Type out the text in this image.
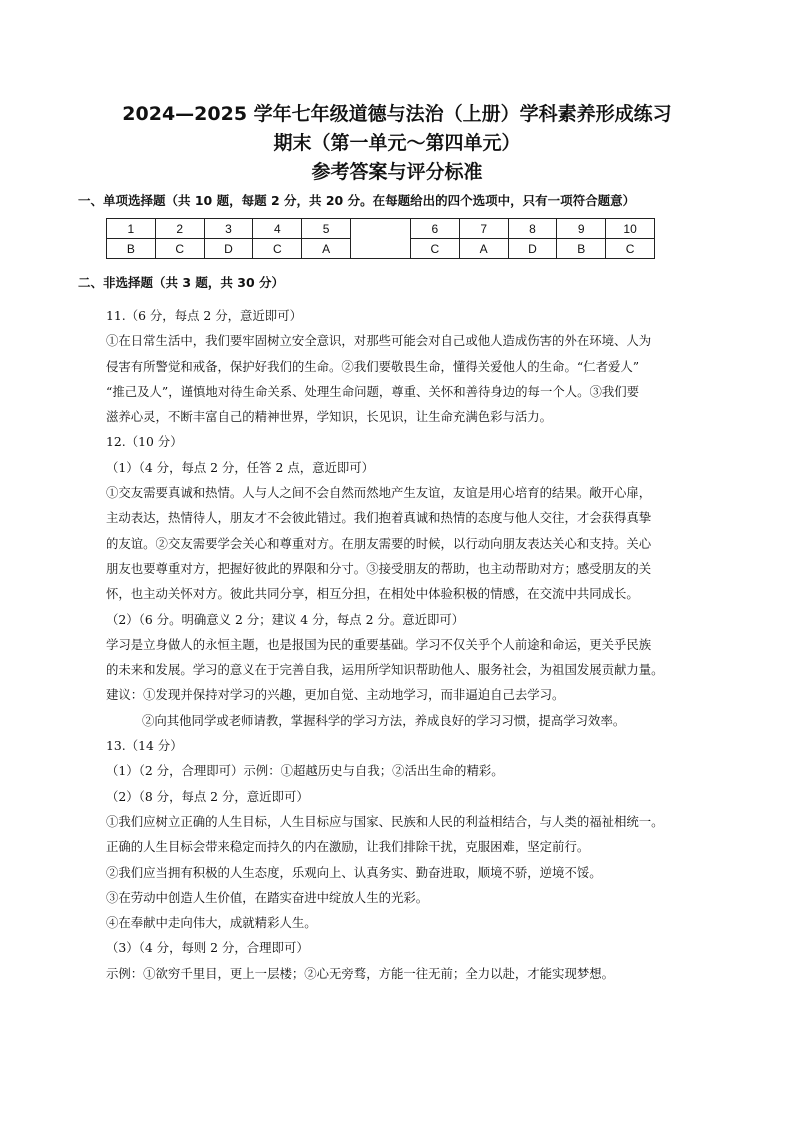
2024—2025 学年七年级道德与法治（上册）学科素养形成练习
期末（第一单元～第四单元）
参考答案与评分标准
一、单项选择题（共 10 题，每题 2 分，共 20 分。在每题给出的四个选项中，只有一项符合题意）
1	2	3	4	5		6	7	8	9	10
B	C	D	C	A		C	A	D	B	C
二、非选择题（共 3 题，共 30 分）

11.（6 分，每点 2 分，意近即可）

①在日常生活中，我们要牢固树立安全意识，对那些可能会对自己或他人造成伤害的外在环境、人为

侵害有所警觉和戒备，保护好我们的生命。②我们要敬畏生命，懂得关爱他人的生命。“仁者爱人”

“推己及人”，谨慎地对待生命关系、处理生命问题，尊重、关怀和善待身边的每一个人。③我们要

滋养心灵，不断丰富自己的精神世界，学知识，长见识，让生命充满色彩与活力。

12.（10 分）

（1）（4 分，每点 2 分，任答 2 点，意近即可）

①交友需要真诚和热情。人与人之间不会自然而然地产生友谊，友谊是用心培育的结果。敞开心扉，

主动表达，热情待人，朋友才不会彼此错过。我们抱着真诚和热情的态度与他人交往，才会获得真挚

的友谊。②交友需要学会关心和尊重对方。在朋友需要的时候，以行动向朋友表达关心和支持。关心

朋友也要尊重对方，把握好彼此的界限和分寸。③接受朋友的帮助，也主动帮助对方；感受朋友的关

怀，也主动关怀对方。彼此共同分享，相互分担，在相处中体验积极的情感，在交流中共同成长。

（2）（6 分。明确意义 2 分；建议 4 分，每点 2 分。意近即可）

学习是立身做人的永恒主题，也是报国为民的重要基础。学习不仅关乎个人前途和命运，更关乎民族

的未来和发展。学习的意义在于完善自我，运用所学知识帮助他人、服务社会，为祖国发展贡献力量。

建议：①发现并保持对学习的兴趣，更加自觉、主动地学习，而非逼迫自己去学习。

②向其他同学或老师请教，掌握科学的学习方法，养成良好的学习习惯，提高学习效率。

13.（14 分）

（1）（2 分，合理即可）示例：①超越历史与自我；②活出生命的精彩。

（2）（8 分，每点 2 分，意近即可）

①我们应树立正确的人生目标，人生目标应与国家、民族和人民的利益相结合，与人类的福祉相统一。

正确的人生目标会带来稳定而持久的内在激励，让我们排除干扰，克服困难，坚定前行。

②我们应当拥有积极的人生态度，乐观向上、认真务实、勤奋进取，顺境不骄，逆境不馁。

③在劳动中创造人生价值，在踏实奋进中绽放人生的光彩。

④在奉献中走向伟大，成就精彩人生。

（3）（4 分，每则 2 分，合理即可）

示例：①欲穷千里目，更上一层楼；②心无旁骛，方能一往无前；全力以赴，才能实现梦想。
